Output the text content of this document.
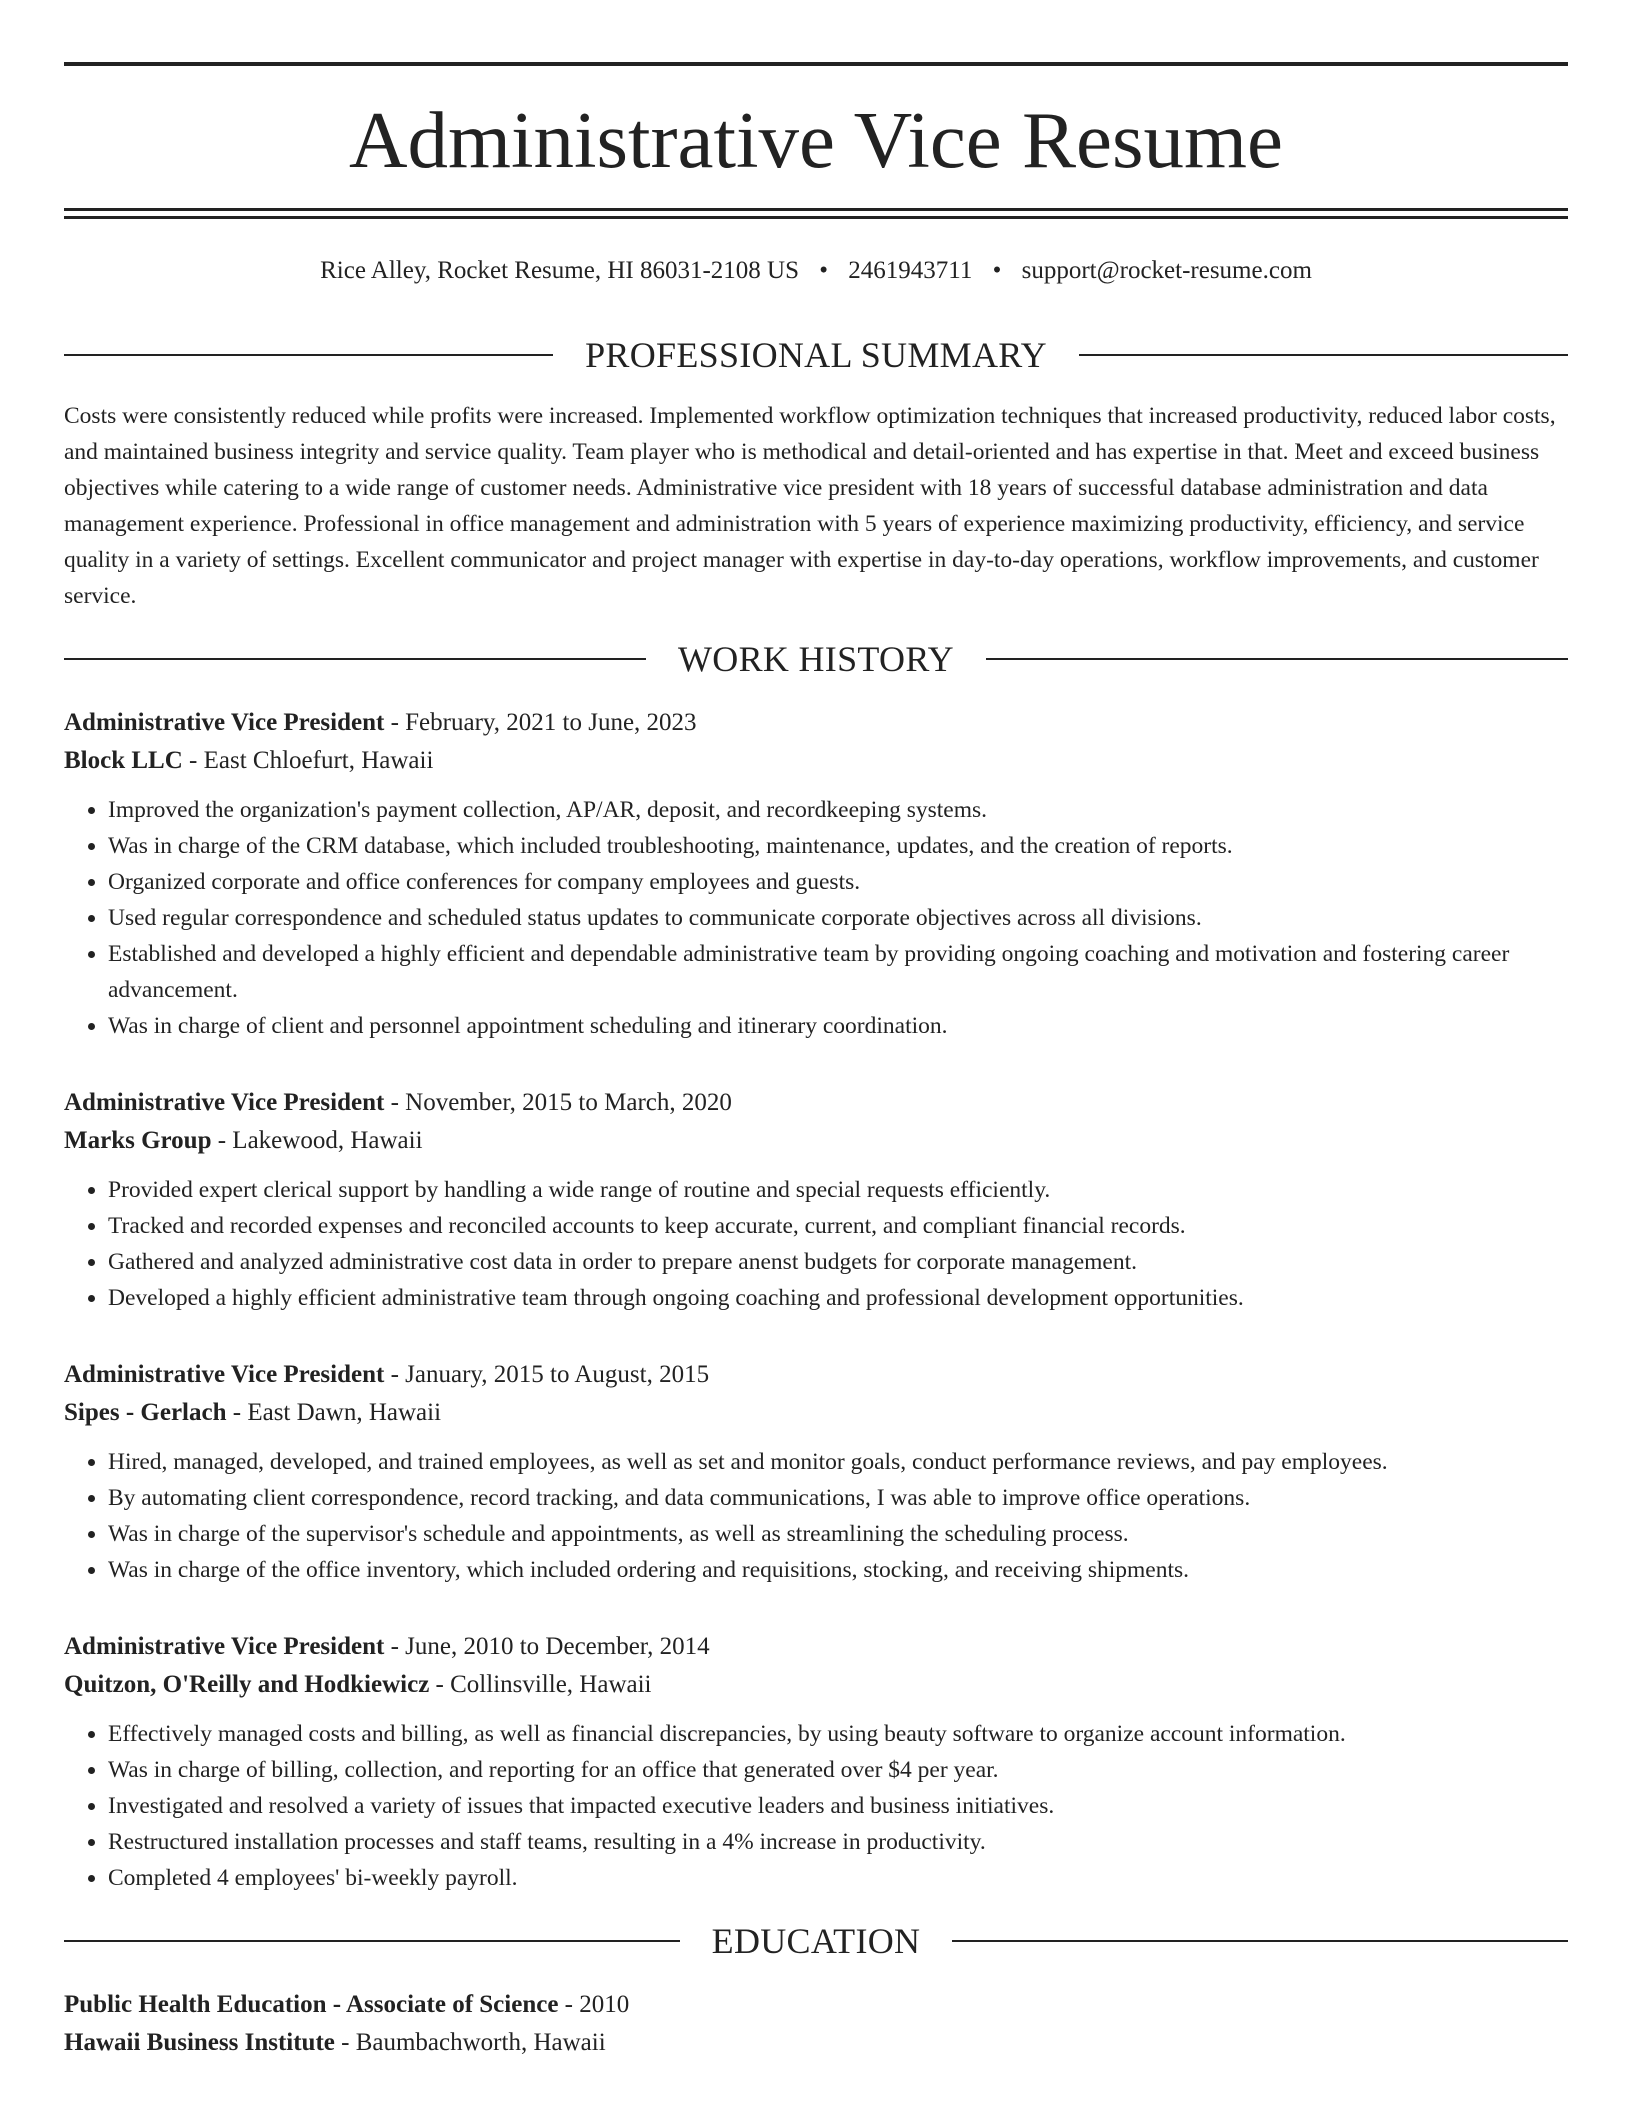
Administrative Vice Resume
Rice Alley, Rocket Resume, HI 86031-2108 US • 2461943711 • support@rocket-resume.com
PROFESSIONAL SUMMARY

Costs were consistently reduced while profits were increased. Implemented workflow optimization techniques that increased productivity, reduced labor costs, and maintained business integrity and service quality. Team player who is methodical and detail-oriented and has expertise in that. Meet and exceed business objectives while catering to a wide range of customer needs. Administrative vice president with 18 years of successful database administration and data management experience. Professional in office management and administration with 5 years of experience maximizing productivity, efficiency, and service quality in a variety of settings. Excellent communicator and project manager with expertise in day-to-day operations, workflow improvements, and customer service.

WORK HISTORY
Administrative Vice President - February, 2021 to June, 2023
Block LLC - East Chloefurt, Hawaii
• Improved the organization's payment collection, AP/AR, deposit, and recordkeeping systems.
• Was in charge of the CRM database, which included troubleshooting, maintenance, updates, and the creation of reports.
• Organized corporate and office conferences for company employees and guests.
• Used regular correspondence and scheduled status updates to communicate corporate objectives across all divisions.
• Established and developed a highly efficient and dependable administrative team by providing ongoing coaching and motivation and fostering career advancement.
• Was in charge of client and personnel appointment scheduling and itinerary coordination.
Administrative Vice President - November, 2015 to March, 2020
Marks Group - Lakewood, Hawaii
• Provided expert clerical support by handling a wide range of routine and special requests efficiently.
• Tracked and recorded expenses and reconciled accounts to keep accurate, current, and compliant financial records.
• Gathered and analyzed administrative cost data in order to prepare anenst budgets for corporate management.
• Developed a highly efficient administrative team through ongoing coaching and professional development opportunities.
Administrative Vice President - January, 2015 to August, 2015
Sipes - Gerlach - East Dawn, Hawaii
• Hired, managed, developed, and trained employees, as well as set and monitor goals, conduct performance reviews, and pay employees.
• By automating client correspondence, record tracking, and data communications, I was able to improve office operations.
• Was in charge of the supervisor's schedule and appointments, as well as streamlining the scheduling process.
• Was in charge of the office inventory, which included ordering and requisitions, stocking, and receiving shipments.
Administrative Vice President - June, 2010 to December, 2014
Quitzon, O'Reilly and Hodkiewicz - Collinsville, Hawaii
• Effectively managed costs and billing, as well as financial discrepancies, by using beauty software to organize account information.
• Was in charge of billing, collection, and reporting for an office that generated over $4 per year.
• Investigated and resolved a variety of issues that impacted executive leaders and business initiatives.
• Restructured installation processes and staff teams, resulting in a 4% increase in productivity.
• Completed 4 employees' bi-weekly payroll.
EDUCATION
Public Health Education - Associate of Science - 2010
Hawaii Business Institute - Baumbachworth, Hawaii
